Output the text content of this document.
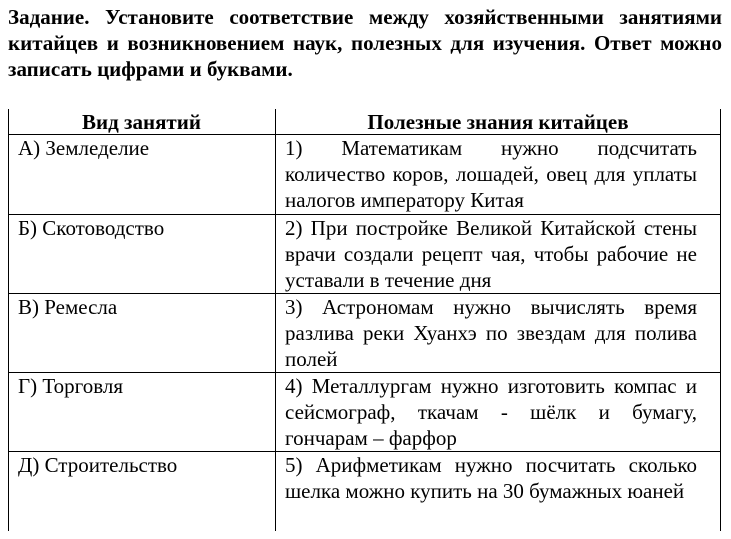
Задание. Установите соответствие между хозяйственными занятиями китайцев и возникновением наук, полезных для изучения. Ответ можно записать цифрами и буквами.
Вид занятий	Полезные знания китайцев
А) Земледелие	1) Математикам нужно подсчитать количество коров, лошадей, овец для уплаты налогов императору Китая
Б) Скотоводство	2) При постройке Великой Китайской стены врачи создали рецепт чая, чтобы рабочие не уставали в течение дня
В) Ремесла	3) Астрономам нужно вычислять время разлива реки Хуанхэ по звездам для полива полей
Г) Торговля	4) Металлургам нужно изготовить компас и сейсмограф, ткачам - шёлк и бумагу, гончарам – фарфор
Д) Строительство	5) Арифметикам нужно посчитать сколько шелка можно купить на 30 бумажных юаней
